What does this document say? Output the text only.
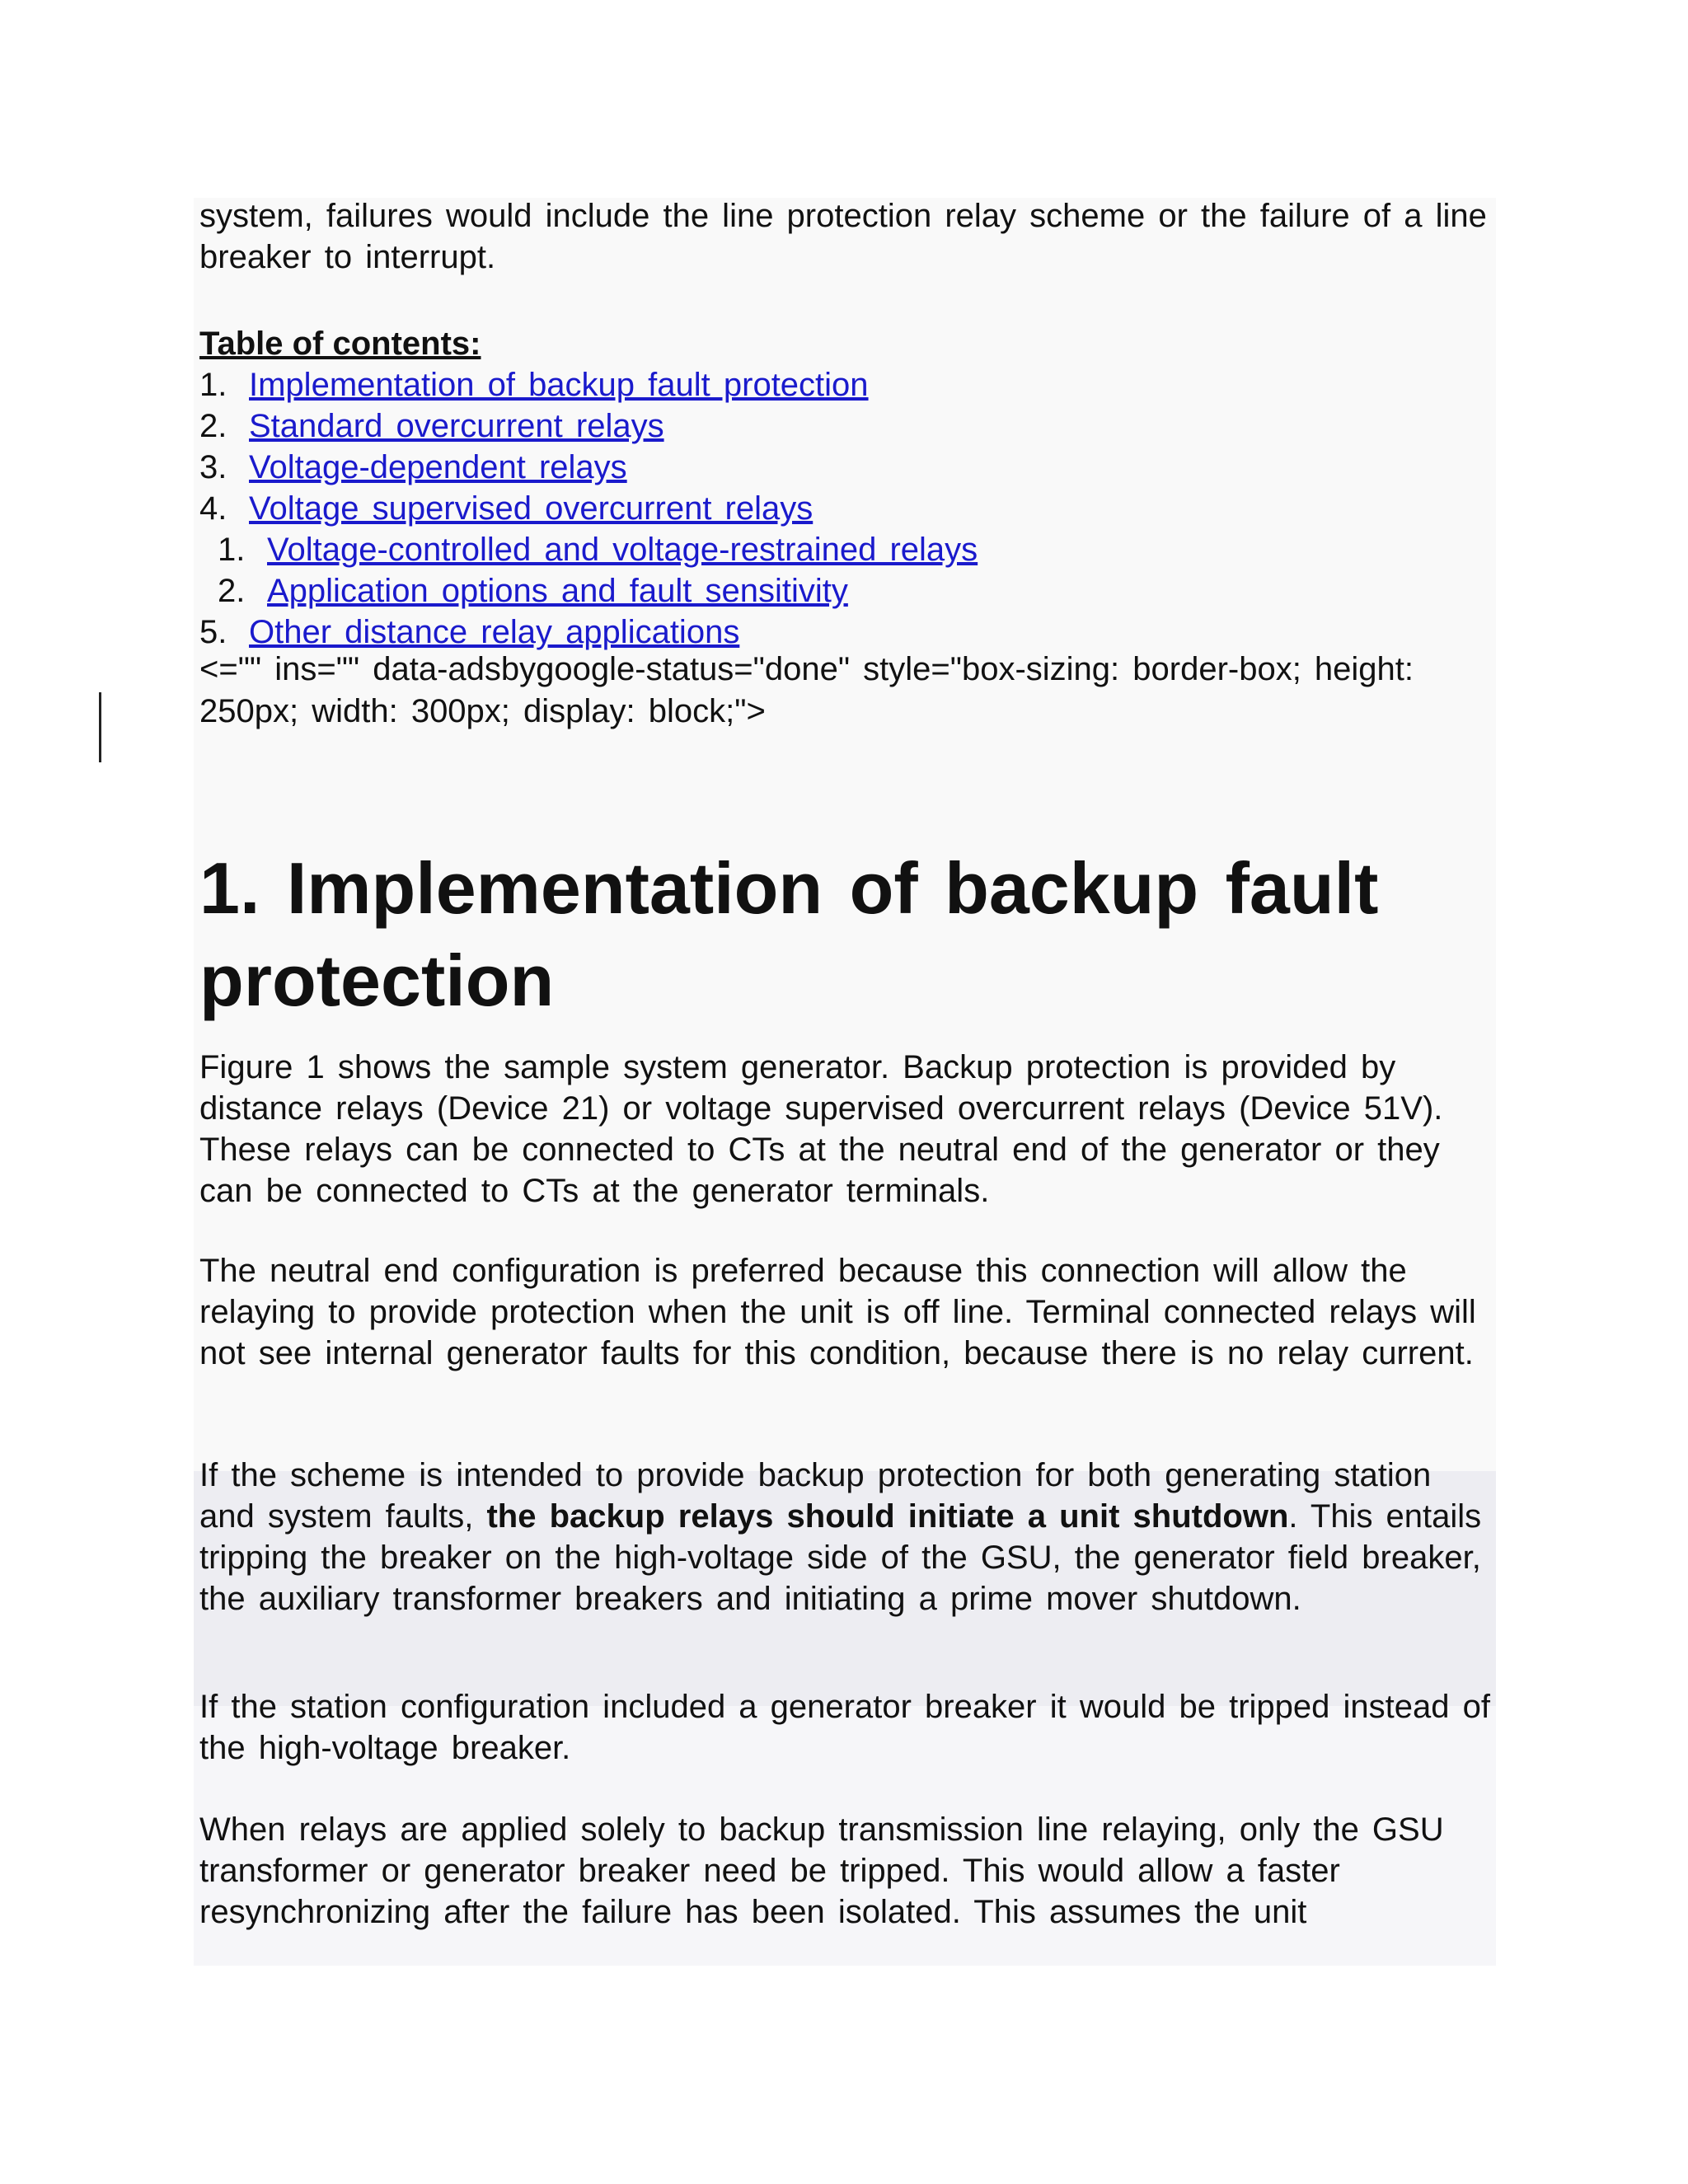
system, failures would include the line protection relay scheme or the failure of a line breaker to interrupt.

Table of contents:

1. Implementation of backup fault protection
2. Standard overcurrent relays
3. Voltage-dependent relays
4. Voltage supervised overcurrent relays
1. Voltage-controlled and voltage-restrained relays
2. Application options and fault sensitivity
5. Other distance relay applications

<="" ins="" data-adsbygoogle-status="done" style="box-sizing: border-box; height: 250px; width: 300px; display: block;">

1. Implementation of backup fault protection

Figure 1 shows the sample system generator. Backup protection is provided by distance relays (Device 21) or voltage supervised overcurrent relays (Device 51V). These relays can be connected to CTs at the neutral end of the generator or they can be connected to CTs at the generator terminals.

The neutral end configuration is preferred because this connection will allow the relaying to provide protection when the unit is off line. Terminal connected relays will not see internal generator faults for this condition, because there is no relay current.

If the scheme is intended to provide backup protection for both generating station and system faults, the backup relays should initiate a unit shutdown. This entails tripping the breaker on the high-voltage side of the GSU, the generator field breaker, the auxiliary transformer breakers and initiating a prime mover shutdown.

If the station configuration included a generator breaker it would be tripped instead of the high-voltage breaker.

When relays are applied solely to backup transmission line relaying, only the GSU transformer or generator breaker need be tripped. This would allow a faster resynchronizing after the failure has been isolated. This assumes the unit
